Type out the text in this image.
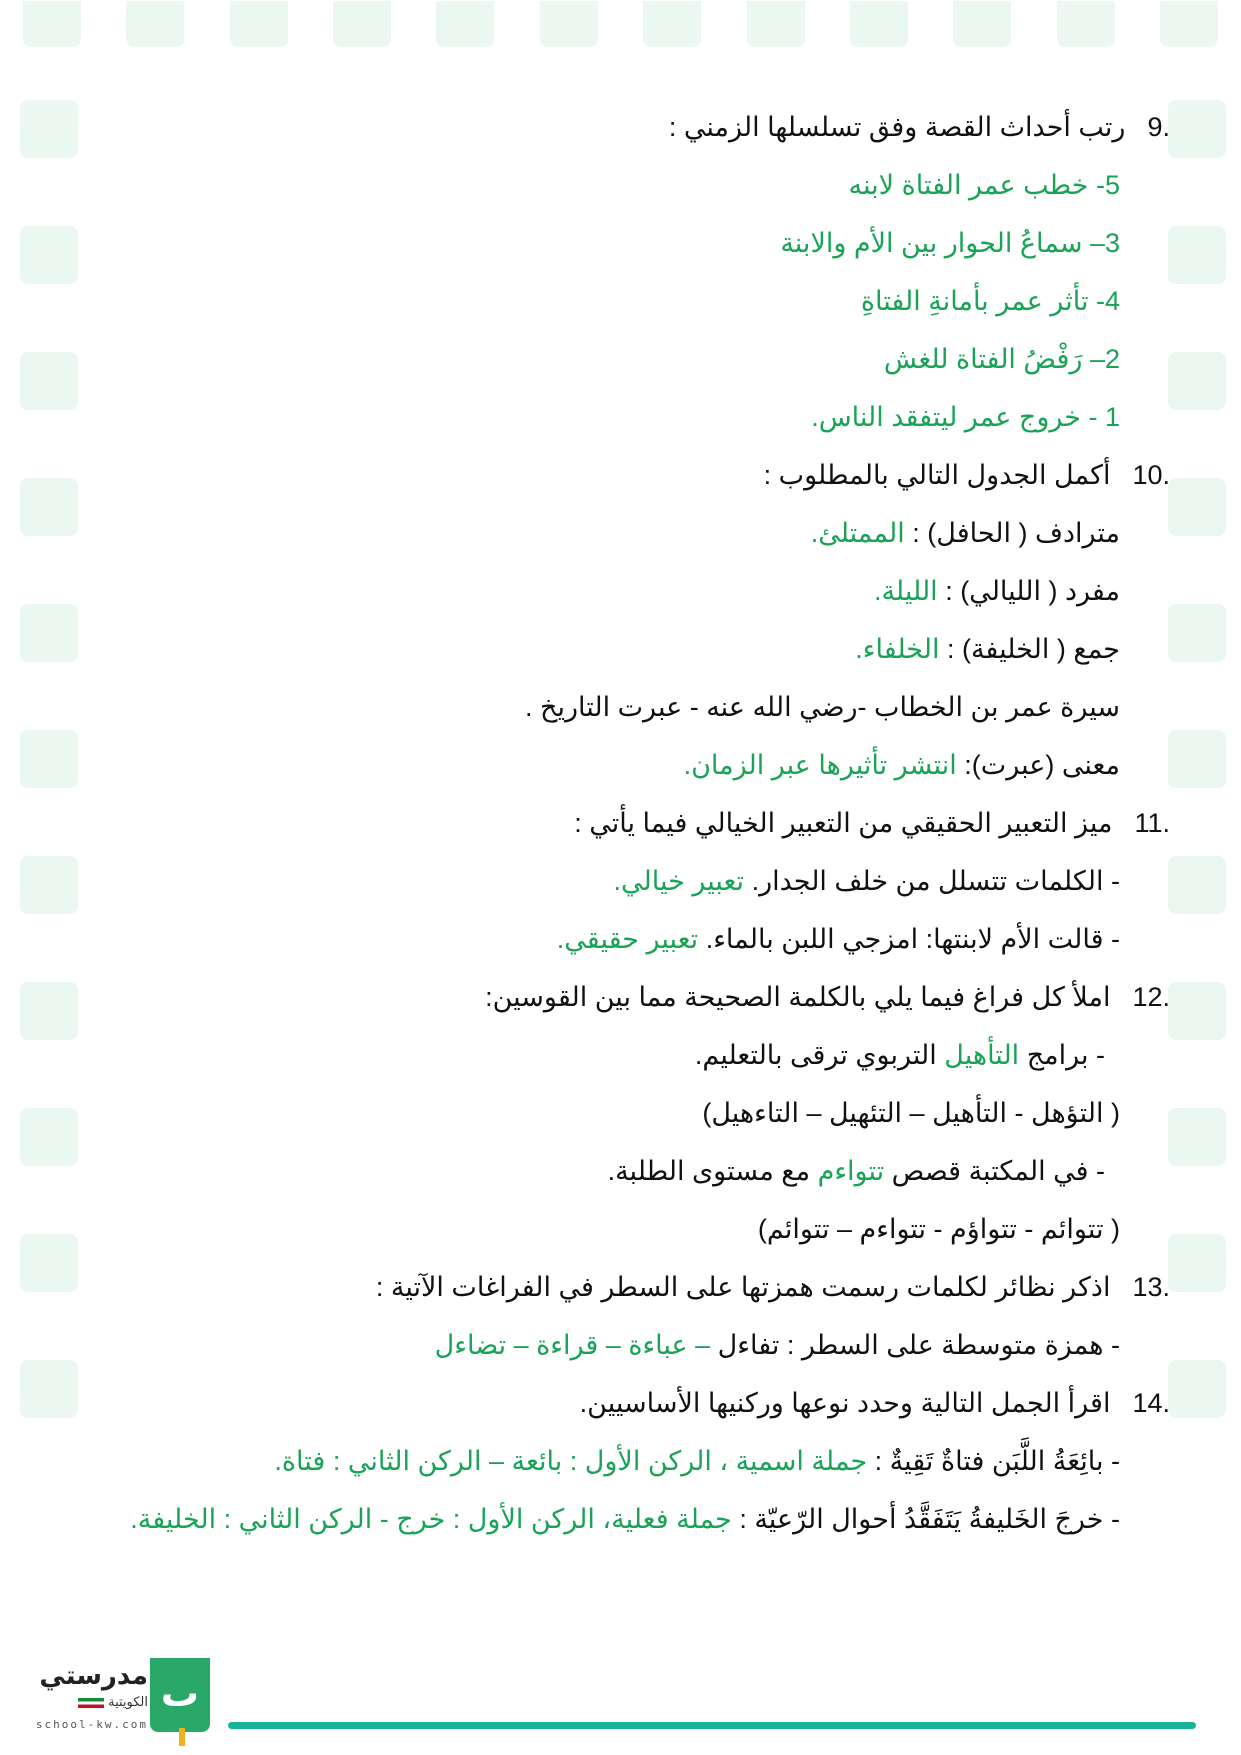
9.رتب أحداث القصة وفق تسلسلها الزمني :
5- خطب عمر الفتاة لابنه
3– سماعُ الحوار بين الأم والابنة
4- تأثر عمر بأمانةِ الفتاةِ
2– رَفْضُ الفتاة للغش
1 - خروج عمر ليتفقد الناس.
10.أكمل الجدول التالي بالمطلوب :
مترادف ( الحافل) : الممتلئ.
مفرد ( الليالي) : الليلة.
جمع ( الخليفة) : الخلفاء.
سيرة عمر بن الخطاب -رضي الله عنه - عبرت التاريخ .
معنى (عبرت): انتشر تأثيرها عبر الزمان.
11.ميز التعبير الحقيقي من التعبير الخيالي فيما يأتي :
- الكلمات تتسلل من خلف الجدار. تعبير خيالي.
- قالت الأم لابنتها: امزجي اللبن بالماء. تعبير حقيقي.
12.املأ كل فراغ فيما يلي بالكلمة الصحيحة مما بين القوسين:
- برامج التأهيل التربوي ترقى بالتعليم.
( التؤهل - التأهيل – التئهيل – التاءهيل)
- في المكتبة قصص تتواءم مع مستوى الطلبة.
( تتوائم - تتواؤم - تتواءم – تتوائم)
13.اذكر نظائر لكلمات رسمت همزتها على السطر في الفراغات الآتية :
- همزة متوسطة على السطر : تفاءل – عباءة – قراءة – تضاءل
14.اقرأ الجمل التالية وحدد نوعها وركنيها الأساسيين.
- بائِعَةُ اللَّبَن فتاةٌ تَقِيةٌ : جملة اسمية ، الركن الأول : بائعة – الركن الثاني : فتاة.
- خرجَ الخَليفةُ يَتَفَقَّدُ أحوال الرّعيّة : جملة فعلية، الركن الأول : خرج - الركن الثاني : الخليفة.
ٮ
مدرستي
الكويتية
school-kw.com
